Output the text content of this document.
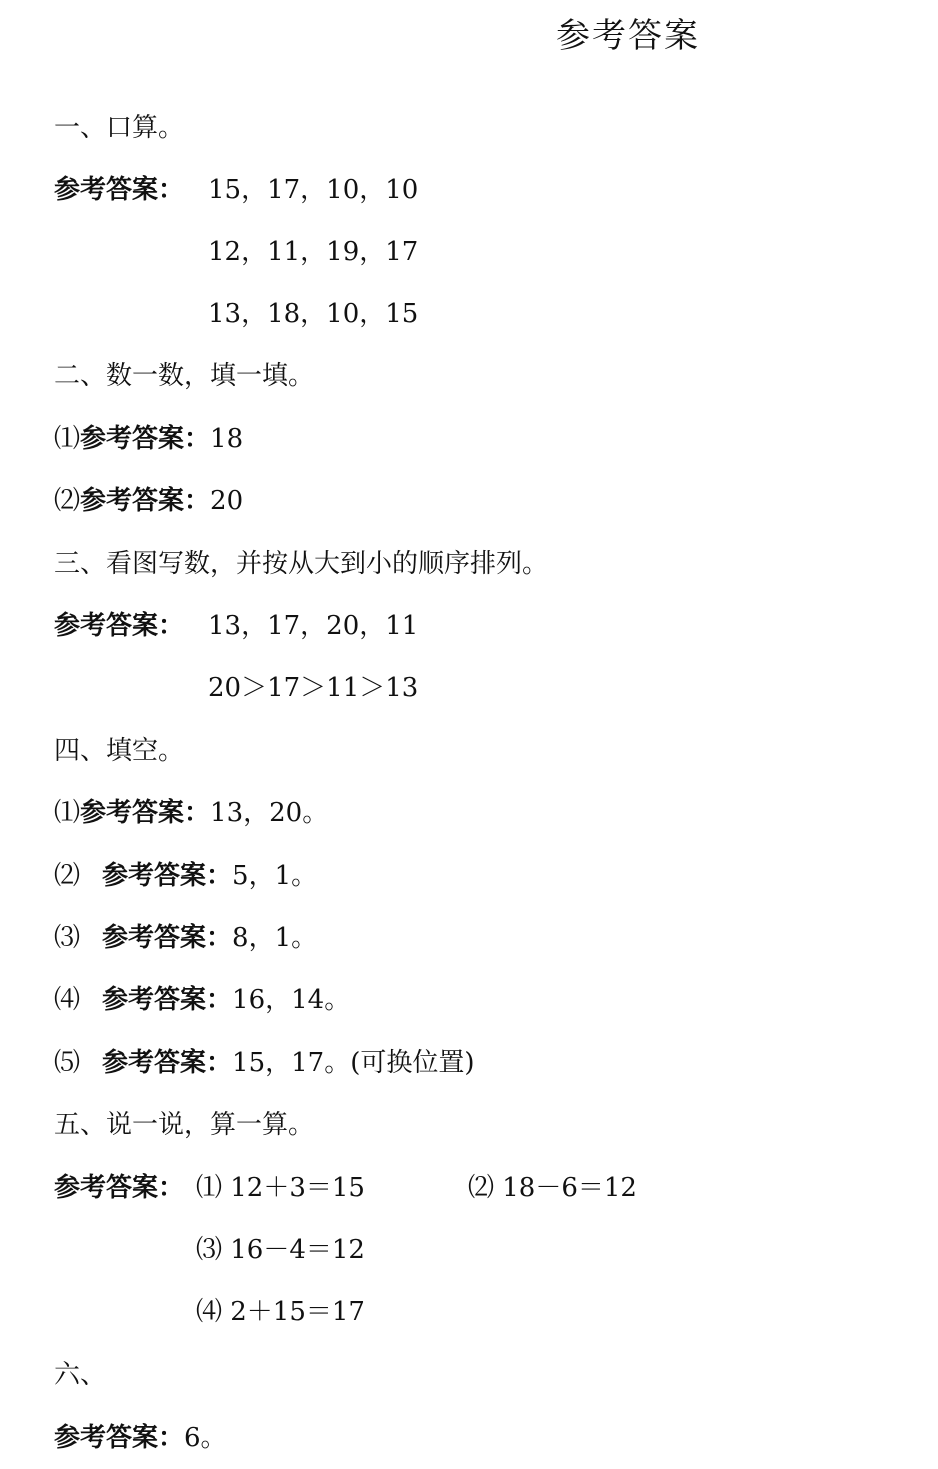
参考答案
一、口算。
参考答案： 15，17，10，10
12，11，19，17
13，18，10，15
二、数一数，填一填。
⑴参考答案：18
⑵参考答案：20
三、看图写数，并按从大到小的顺序排列。
参考答案： 13，17，20，11
20＞17＞11＞13
四、填空。
⑴参考答案：13，20。
⑵ 参考答案：5，1。
⑶ 参考答案：8，1。
⑷ 参考答案：16，14。
⑸ 参考答案：15，17。(可换位置)
五、说一说，算一算。
参考答案： ⑴ 12＋3＝15	⑵ 18－6＝12
⑶ 16－4＝12
⑷ 2＋15＝17
六、
参考答案：6。
